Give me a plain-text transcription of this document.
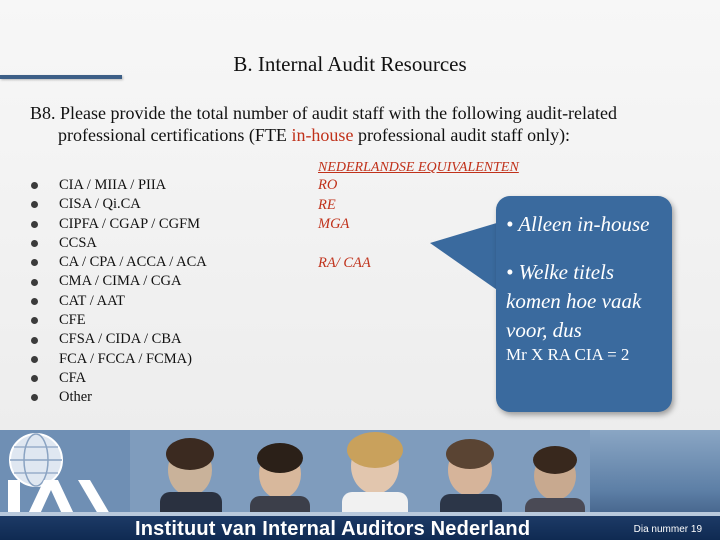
B. Internal Audit Resources
B8. Please provide the total number of audit staff with the following audit-related
professional certifications (FTE in-house professional audit staff only):
CIA / MIIA / PIIA
CISA / Qi.CA
CIPFA / CGAP / CGFM
CCSA
CA / CPA / ACCA / ACA
CMA / CIMA / CGA
CAT / AAT
CFE
CFSA / CIDA / CBA
FCA / FCCA / FCMA)
CFA
Other
NEDERLANDSE EQUIVALENTEN
RO
RE
MGA
RA/ CAA
• Alleen in-house
• Welke titels komen hoe vaak voor, dus
Mr X RA CIA = 2
Instituut van Internal Auditors Nederland	Dia nummer 19
